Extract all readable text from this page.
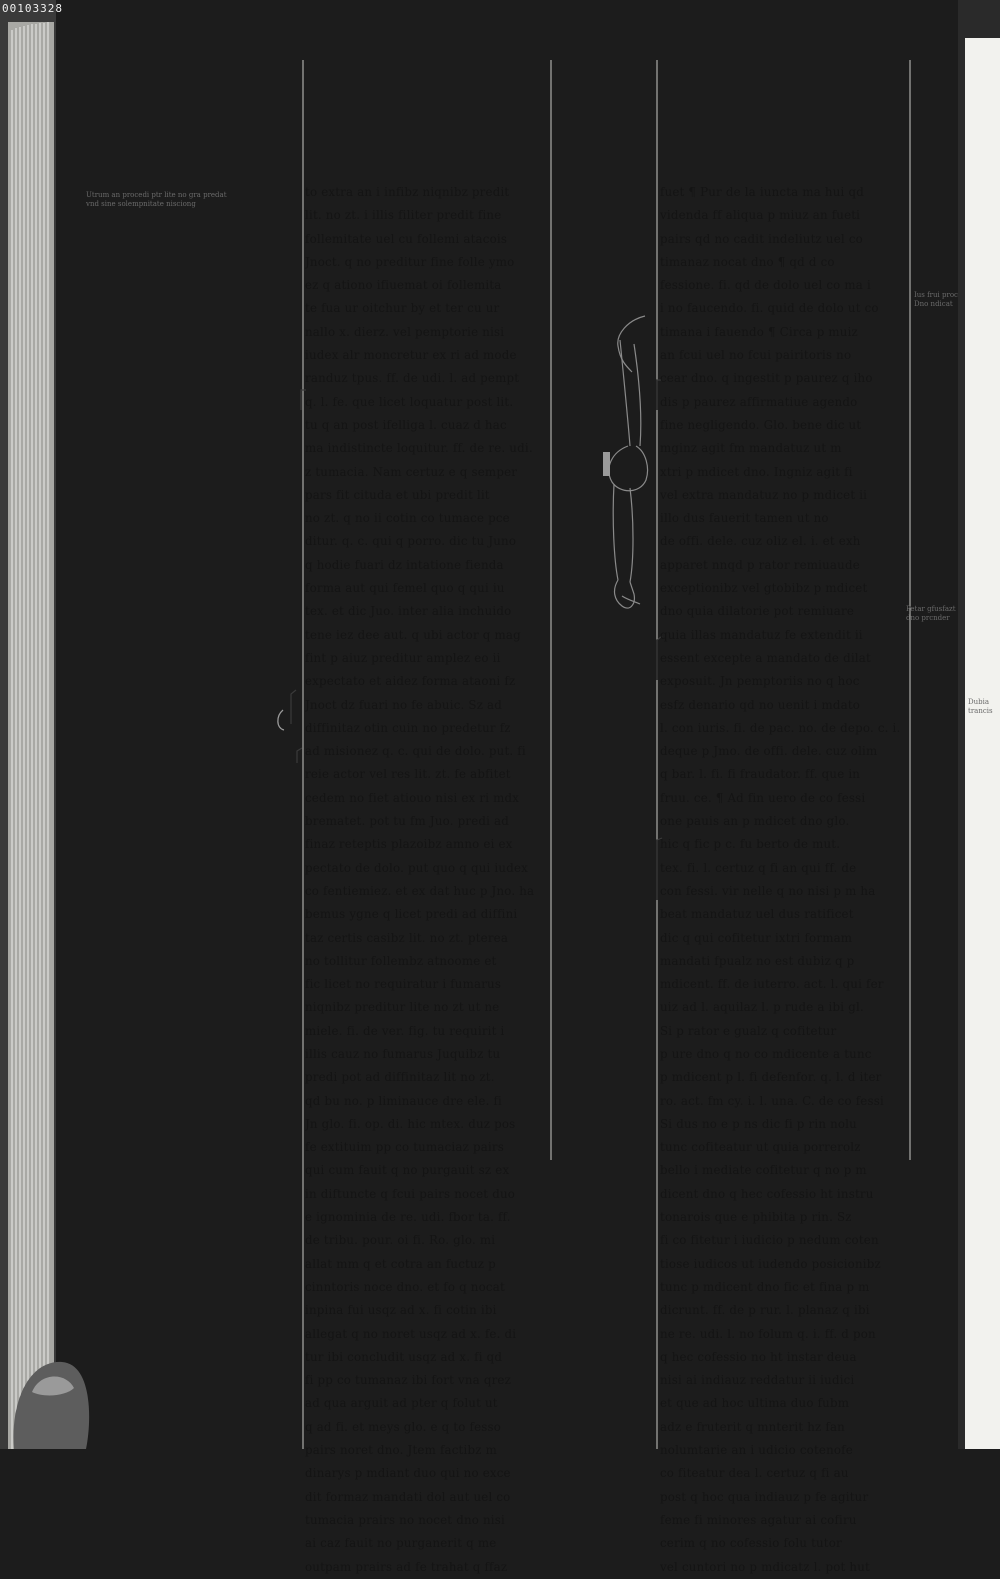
00103328
Utrum an procedi ptr lite no gra predat
vnd sine solempnitate nisciong
Ius frui proc
Dno ndicat
Petar gfusfazt
dno prcnder
Dubia
trancis
to extra an i infibz niqnibz predit
lit. no zt. i illis filiter predit fine
follemitate uel cu follemi atacois
Jnoct. q no preditur fine folle ymo
ez q ationo ifiuemat oi follemita
te fua ur oitchur by et ter cu ur
nallo x. dierz. vel pemptorie nisi
iudex alr moncretur ex ri ad mode
randuz tpus. ff. de udi. l. ad pempt
q. l. fe. que licet loquatur post lit.
tu q an post ifelliga l. cuaz d hac
ma indistincte loquitur. ff. de re. udi.
z tumacia. Nam certuz e q semper
pars fit cituda et ubi predit lit
no zt. q no ii cotin co tumace pce
ditur. q. c. qui q porro. dic tu Juno
q hodie fuari dz intatione fienda
forma aut qui femel quo q qui iu
tex. et dic Juo. inter alia inchuido
tene iez dee aut. q ubi actor q mag
fint p aiuz preditur amplez eo ii
expectato et aidez forma ataoni fz
Jnoct dz fuari no fe abuic. Sz ad
diffinitaz otin cuin no predetur fz
ad misionez q. c. qui de dolo. put. fi
reie actor vel res lit. zt. fe abfitet
cedem no fiet atiouo nisi ex ri mdx
brematet. pot tu fm Juo. predi ad
finaz reteptis plazoibz amno ei ex
pectato de dolo. put quo q qui iudex
co fentiemiez. et ex dat huc p Jno. ha
bemus ygne q licet predi ad diffini
taz certis casibz lit. no zt. pterea
no tollitur follembz atnoome et
fic licet no requiratur i fumarus
niqnibz preditur lite no zt ut ne
miele. fi. de ver. fig. tu requirit i
illis cauz no fumarus Juquibz tu
predi pot ad diffinitaz lit no zt.
qd bu no. p liminauce dre ele. fi
Jn glo. fi. op. di. hic mtex. duz pos
fe extituim pp co tumaciaz pairs
qui cum fauit q no purgauit sz ex
in diftuncte q fcui pairs nocet duo
e ignominia de re. udi. fbor ta. ff.
de tribu. pour. oi fi. Ro. glo. mi
allat mm q et cotra an fuctuz p
cinntoris noce dno. et fo q nocat
inpina fui usqz ad x. fi cotin ibi
allegat q no noret usqz ad x. fe. di
tur ibi concludit usqz ad x. fi qd
fi pp co tumanaz ibi fort vna qrez
ad qua arguit ad pter q folut ut
q ad fi. et meys glo. e q to fesso
pairs noret dno. Jtem factibz m
dinarys p mdiant duo qui no exce
dit formaz mandati dol aut uel co
tumacia prairs no nocet dno nisi
ai caz fauit no purganerit q me
outpam prairs ad fe trahat q ffaz
fuet ¶ Pur de la iuncta ma hui qd
videnda ff aliqua p miuz an fueti
pairs qd no cadit indeliutz uel co
timanaz nocat dno ¶ qd d co
fessione. fi. qd de dolo uel co ma i
i no faucendo. fi. quid de dolo ut co
timana i fauendo ¶ Circa p muiz
an fcui uel no fcui pairitoris no
cear dno. q ingestit p paurez q iho
dis p paurez affirmatiue agendo
fine negligendo. Glo. bene dic ut
mginz agit fm mandatuz ut m
xtri p mdicet dno. Ingniz agit fi
vel extra mandatuz no p mdicet ii
illo dus fauerit tamen ut no
de offi. dele. cuz oliz el. i. et exh
apparet nnqd p rator remiuaude
exceptionibz vel gtobibz p mdicet
dno quia dilatorie pot remiuare
quia illas mandatuz fe extendit ii
essent excepte a mandato de dilat
exposuit. Jn pemptoriis no q hoc
esfz denario qd no uenit i mdato
l. con iuris. fi. de pac. no. de depo. c. i.
deque p Jmo. de offi. dele. cuz olim
q bar. l. fi. fi fraudator. ff. que in
fruu. ce. ¶ Ad fin uero de co fessi
one pauis an p mdicet dno glo.
hic q fic p c. fu berto de mut.
tex. fi. l. certuz q fi an qui ff. de
con fessi. vir nelle q no nisi p m ha
beat mandatuz uel dus ratificet
dic q qui cofitetur ixtri formam
mandati fpualz no est dubiz q p
mdicent. ff. de iuterro. act. l. qui fer
uiz ad l. aquilaz l. p rude a ibi gl.
Si p rator e gualz q cofitetur
p ure dno q no co mdicente a tunc
p mdicent p l. fi defenfor. q. l. d iter
ro. act. fm cy. i. l. una. C. de co fessi
Si dus no e p ns dic fi p rin nolu
tunc cofiteatur ut quia porrerolz
bello i mediate cofitetur q no p m
dicent dno q hec cofessio ht instru
tonarois que e phibita p rin. Sz
fi co fitetur i iudicio p nedum coten
tiose iudicos ut iudendo posicionibz
tunc p mdicent dno fic et fina p m
dicrunt. ff. de p rur. l. planaz q ibi
ne re. udi. l. no folum q. i. ff. d pon
q hec cofessio no ht instar deua
nisi ai indiauz reddatur ii iudici
et que ad hoc ultima duo fubm
adz e fruterit q mnterit hz fan
nolumtarie an i udicio cotenofe
co fiteatur dea l. certuz q fi au
post q hoc qua indiauz p fe agitur
feme fi minores agatur ai cofiru
cerim q no cofessio folu tutor
vel cuntori no p mdicatz l. pot hut
